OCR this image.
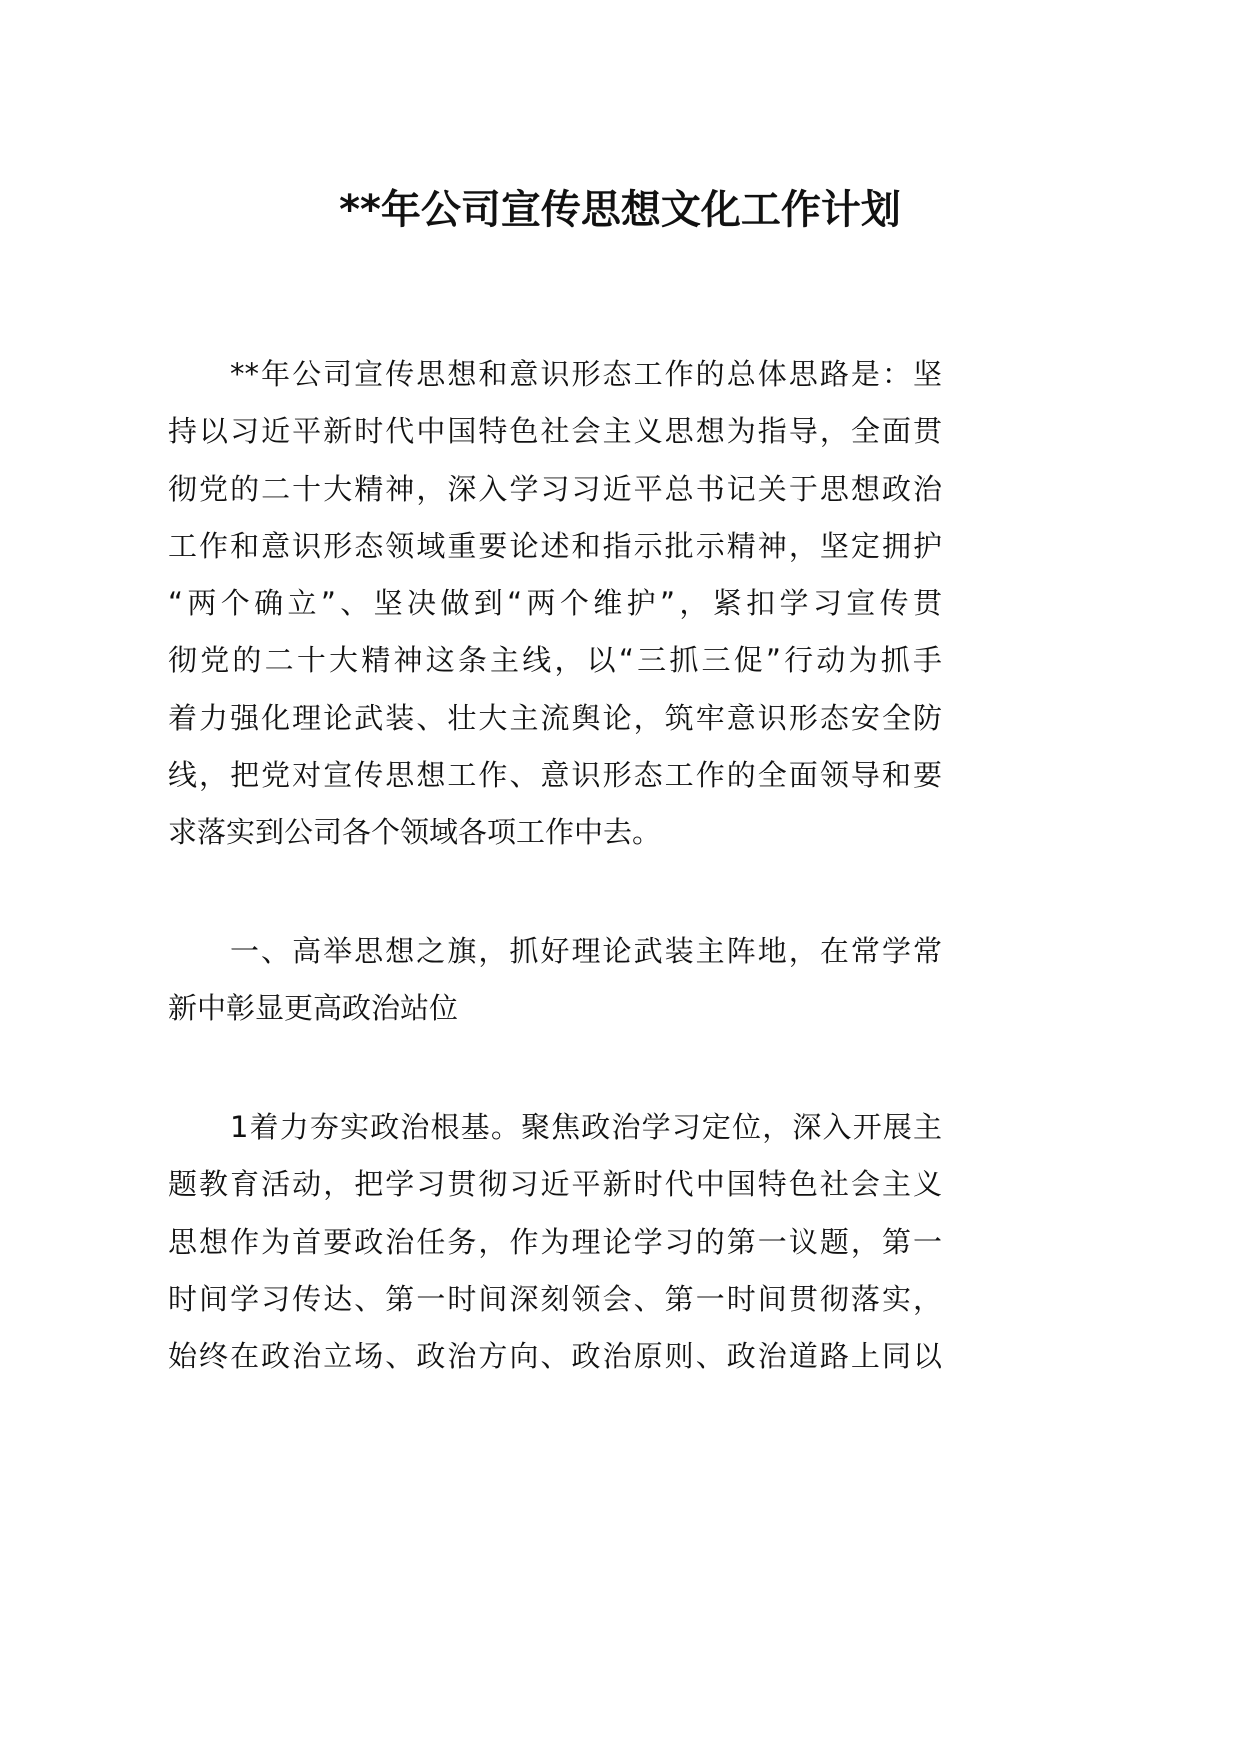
**年公司宣传思想文化工作计划
**年公司宣传思想和意识形态工作的总体思路是：坚
持以习近平新时代中国特色社会主义思想为指导，全面贯
彻党的二十大精神，深入学习习近平总书记关于思想政治
工作和意识形态领域重要论述和指示批示精神，坚定拥护
“两个确立”、坚决做到“两个维护”，紧扣学习宣传贯
彻党的二十大精神这条主线，以“三抓三促”行动为抓手
着力强化理论武装、壮大主流舆论，筑牢意识形态安全防
线，把党对宣传思想工作、意识形态工作的全面领导和要
求落实到公司各个领域各项工作中去。
一、高举思想之旗，抓好理论武装主阵地，在常学常
新中彰显更高政治站位
1着力夯实政治根基。聚焦政治学习定位，深入开展主
题教育活动，把学习贯彻习近平新时代中国特色社会主义
思想作为首要政治任务，作为理论学习的第一议题，第一
时间学习传达、第一时间深刻领会、第一时间贯彻落实，
始终在政治立场、政治方向、政治原则、政治道路上同以
